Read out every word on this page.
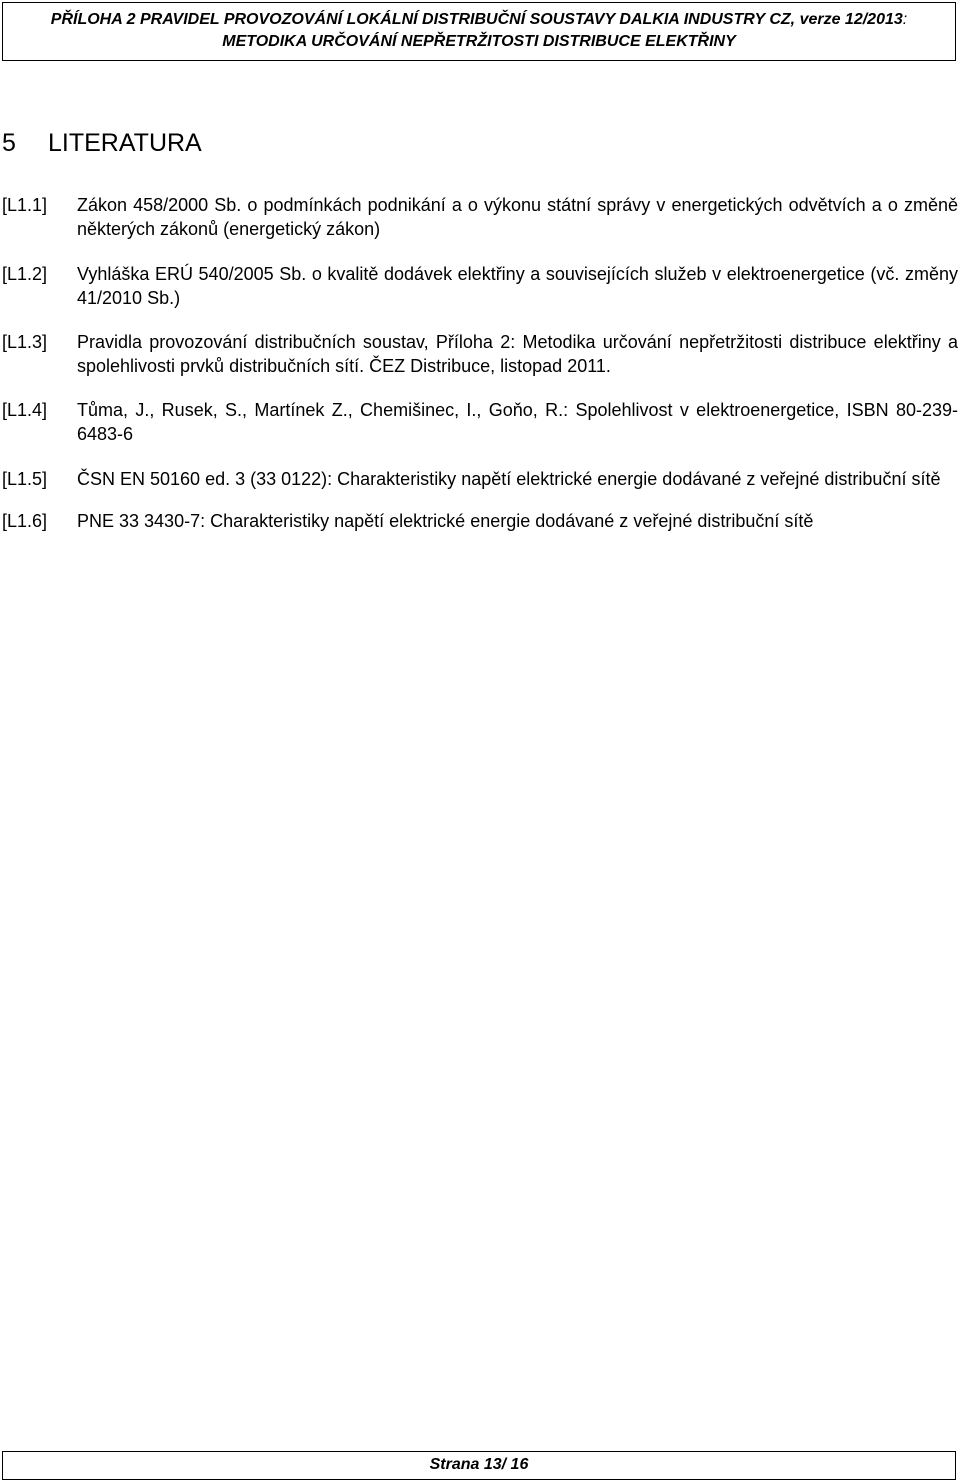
PŘÍLOHA 2 PRAVIDEL PROVOZOVÁNÍ LOKÁLNÍ DISTRIBUČNÍ SOUSTAVY DALKIA INDUSTRY CZ, verze 12/2013:
METODIKA URČOVÁNÍ NEPŘETRŽITOSTI DISTRIBUCE ELEKTŘINY
5 LITERATURA
[L1.1] Zákon 458/2000 Sb. o podmínkách podnikání a o výkonu státní správy v energetických odvětvích a o změně některých zákonů (energetický zákon)
[L1.2] Vyhláška ERÚ 540/2005 Sb. o kvalitě dodávek elektřiny a souvisejících služeb v elektroenergetice (vč. změny 41/2010 Sb.)
[L1.3] Pravidla provozování distribučních soustav, Příloha 2: Metodika určování nepřetržitosti distribuce elektřiny a spolehlivosti prvků distribučních sítí. ČEZ Distribuce, listopad 2011.
[L1.4] Tůma, J., Rusek, S., Martínek Z., Chemišinec, I., Goňo, R.: Spolehlivost v elektroenergetice, ISBN 80-239-6483-6
[L1.5] ČSN EN 50160 ed. 3 (33 0122): Charakteristiky napětí elektrické energie dodávané z veřejné distribuční sítě
[L1.6] PNE 33 3430-7: Charakteristiky napětí elektrické energie dodávané z veřejné distribuční sítě
Strana 13/ 16
